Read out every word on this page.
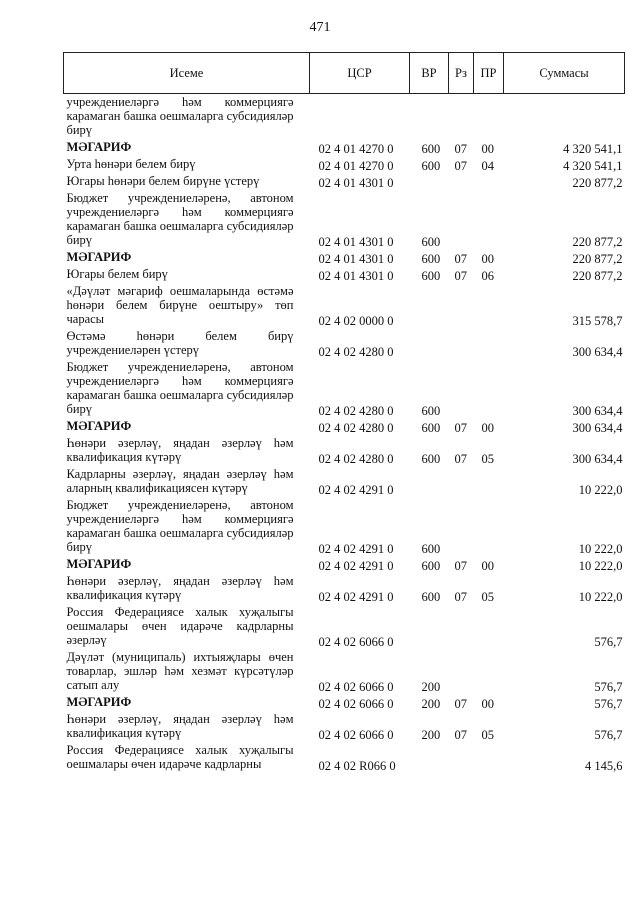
471
Исеме	ЦСР	ВР	Рз	ПР	Суммасы
учреждениеләргә һәм коммерциягә карамаган башка оешмаларга субсидияләр бирү					
МӘГАРИФ	02 4 01 4270 0	600	07	00	4 320 541,1
Урта һөнәри белем бирү	02 4 01 4270 0	600	07	04	4 320 541,1
Югары һөнәри белем бирүне үстерү	02 4 01 4301 0				220 877,2
Бюджет учреждениеләренә, автоном учреждениеләргә һәм коммерциягә карамаган башка оешмаларга субсидияләр бирү	02 4 01 4301 0	600			220 877,2
МӘГАРИФ	02 4 01 4301 0	600	07	00	220 877,2
Югары белем бирү	02 4 01 4301 0	600	07	06	220 877,2
«Дәүләт мәгариф оешмаларында өстәмә һөнәри белем бирүне оештыру» төп чарасы	02 4 02 0000 0				315 578,7
Өстәмә һөнәри белем бирү учреждениеләрен үстерү	02 4 02 4280 0				300 634,4
Бюджет учреждениеләренә, автоном учреждениеләргә һәм коммерциягә карамаган башка оешмаларга субсидияләр бирү	02 4 02 4280 0	600			300 634,4
МӘГАРИФ	02 4 02 4280 0	600	07	00	300 634,4
Һөнәри әзерләү, яңадан әзерләү һәм квалификация күтәрү	02 4 02 4280 0	600	07	05	300 634,4
Кадрларны әзерләү, яңадан әзерләү һәм аларның квалификациясен күтәрү	02 4 02 4291 0				10 222,0
Бюджет учреждениеләренә, автоном учреждениеләргә һәм коммерциягә карамаган башка оешмаларга субсидияләр бирү	02 4 02 4291 0	600			10 222,0
МӘГАРИФ	02 4 02 4291 0	600	07	00	10 222,0
Һөнәри әзерләү, яңадан әзерләү һәм квалификация күтәрү	02 4 02 4291 0	600	07	05	10 222,0
Россия Федерациясе халык хуҗалыгы оешмалары өчен идарәче кадрларны әзерләү	02 4 02 6066 0				576,7
Дәүләт (муниципаль) ихтыяҗлары өчен товарлар, эшләр һәм хезмәт күрсәтүләр сатып алу	02 4 02 6066 0	200			576,7
МӘГАРИФ	02 4 02 6066 0	200	07	00	576,7
Һөнәри әзерләү, яңадан әзерләү һәм квалификация күтәрү	02 4 02 6066 0	200	07	05	576,7
Россия Федерациясе халык хуҗалыгы оешмалары өчен идарәче кадрларны	02 4 02 R066 0				4 145,6
